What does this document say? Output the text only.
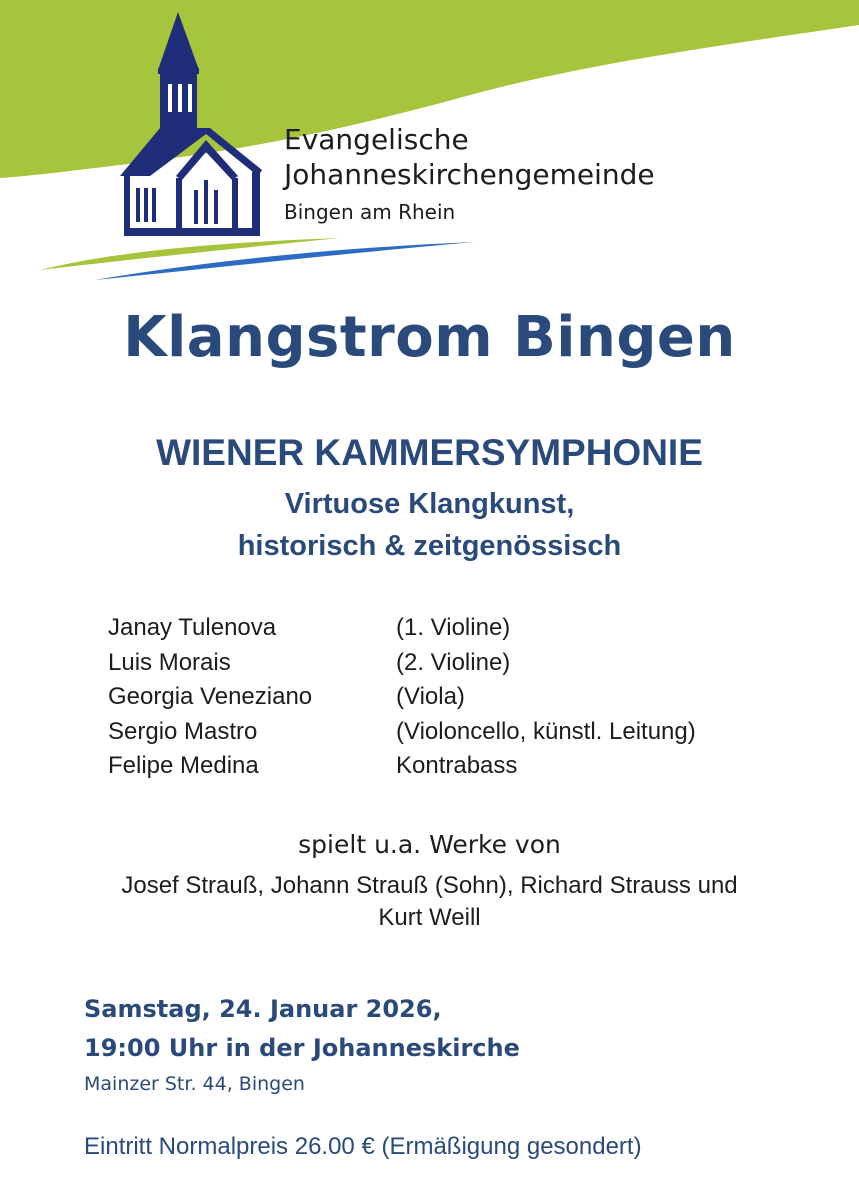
Evangelische
Johanneskirchengemeinde
Bingen am Rhein
Klangstrom Bingen
WIENER KAMMERSYMPHONIE
Virtuose Klangkunst,
historisch & zeitgenössisch
Janay Tulenova	(1. Violine)
Luis Morais	(2. Violine)
Georgia Veneziano	(Viola)
Sergio Mastro	(Violoncello, künstl. Leitung)
Felipe Medina	Kontrabass
spielt u.a. Werke von
Josef Strauß, Johann Strauß (Sohn), Richard Strauss und
Kurt Weill
Samstag, 24. Januar 2026,
19:00 Uhr in der Johanneskirche
Mainzer Str. 44, Bingen
Eintritt Normalpreis 26.00 € (Ermäßigung gesondert)
